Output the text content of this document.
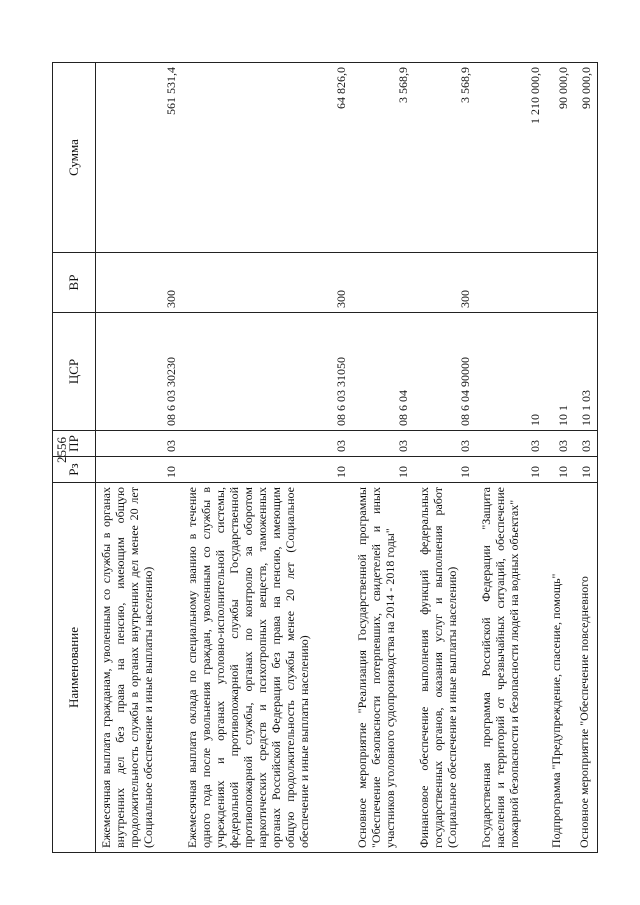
2556
Наименование	Рз	ПР	ЦСР	ВР	Сумма
Ежемесячная выплата гражданам, уволенным со службы в органах внутренних дел без права на пенсию, имеющим общую продолжительность службы в органах внутренних дел менее 20 лет (Социальное обеспечение и иные выплаты населению)	10	03	08 6 03 30230	300	561 531,4
Ежемесячная выплата оклада по специальному званию в течение одного года после увольнения граждан, уволенным со службы в учреждениях и органах уголовно-исполнительной системы, федеральной противопожарной службы Государственной противопожарной службы, органах по контролю за оборотом наркотических средств и психотропных веществ, таможенных органах Российской Федерации без права на пенсию, имеющим общую продолжительность службы менее 20 лет (Социальное обеспечение и иные выплаты населению)	10	03	08 6 03 31050	300	64 826,0
Основное мероприятие "Реализация Государственной программы "Обеспечение безопасности потерпевших, свидетелей и иных участников уголовного судопроизводства на 2014 - 2018 годы"	10	03	08 6 04		3 568,9
Финансовое обеспечение выполнения функций федеральных государственных органов, оказания услуг и выполнения работ (Социальное обеспечение и иные выплаты населению)	10	03	08 6 04 90000	300	3 568,9
Государственная программа Российской Федерации "Защита населения и территорий от чрезвычайных ситуаций, обеспечение пожарной безопасности и безопасности людей на водных объектах"	10	03	10		1 210 000,0
Подпрограмма "Предупреждение, спасение, помощь"	10	03	10 1		90 000,0
Основное мероприятие "Обеспечение повседневного	10	03	10 1 03		90 000,0
